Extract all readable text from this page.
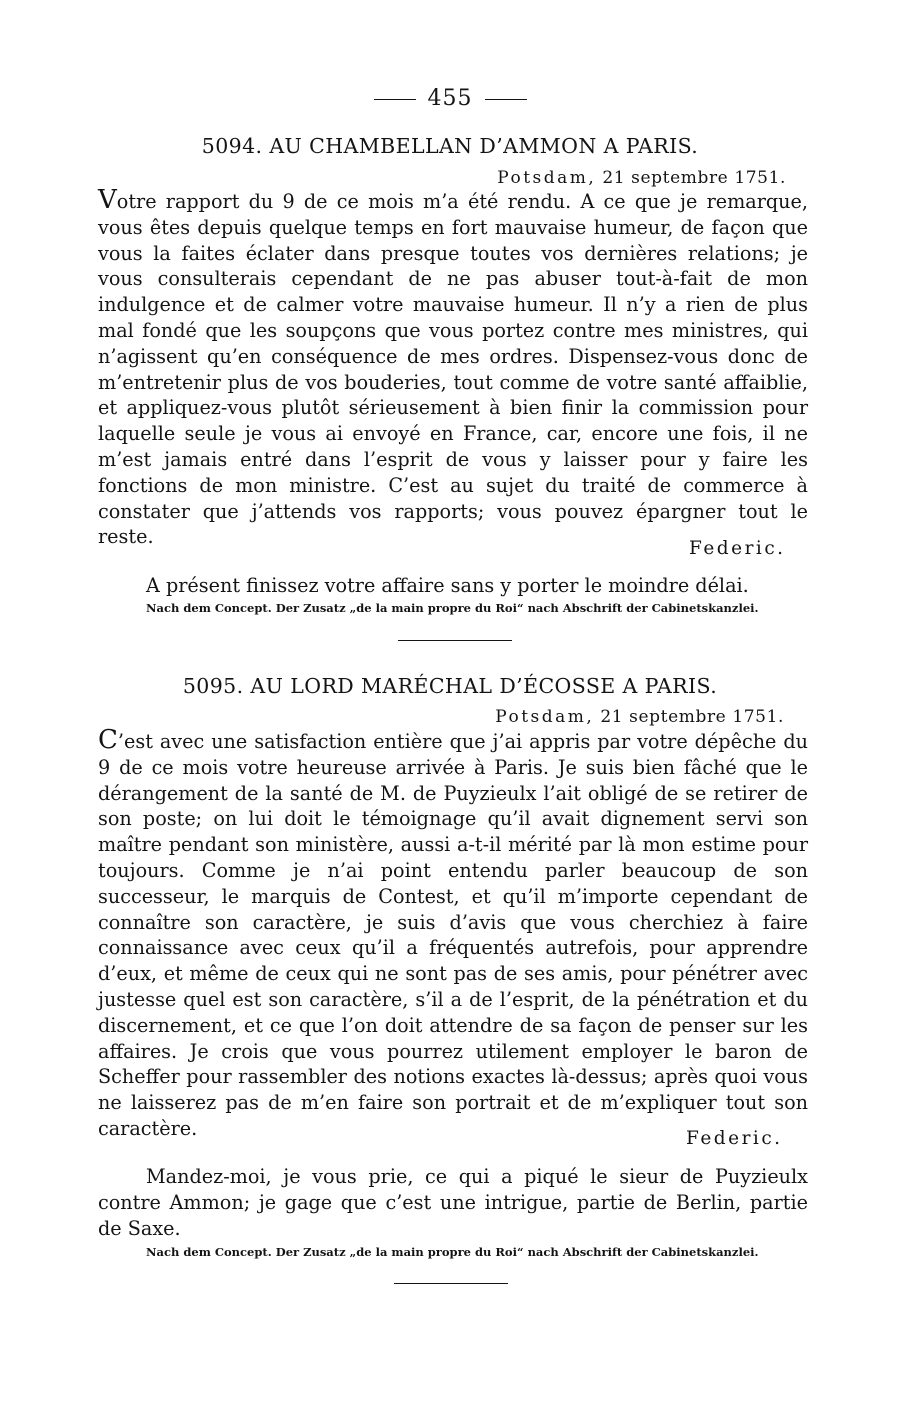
455
5094. AU CHAMBELLAN D’AMMON A PARIS.
Potsdam, 21 septembre 1751.

Votre rapport du 9 de ce mois m’a été rendu. A ce que je remarque, vous êtes depuis quelque temps en fort mauvaise humeur, de façon que vous la faites éclater dans presque toutes vos dernières relations; je vous consulterais cependant de ne pas abuser tout-à-fait de mon indulgence et de calmer votre mauvaise humeur. Il n’y a rien de plus mal fondé que les soupçons que vous portez contre mes ministres, qui n’agissent qu’en conséquence de mes ordres. Dispensez-vous donc de m’entretenir plus de vos bouderies, tout comme de votre santé affaiblie, et appliquez-vous plutôt sérieusement à bien finir la commission pour laquelle seule je vous ai envoyé en France, car, encore une fois, il ne m’est jamais entré dans l’esprit de vous y laisser pour y faire les fonctions de mon ministre. C’est au sujet du traité de commerce à constater que j’attends vos rapports; vous pouvez épargner tout le reste.

Federic.

A présent finissez votre affaire sans y porter le moindre délai.

Nach dem Concept. Der Zusatz „de la main propre du Roi“ nach Abschrift der Cabinetskanzlei.

5095. AU LORD MARÉCHAL D’ÉCOSSE A PARIS.
Potsdam, 21 septembre 1751.

C’est avec une satisfaction entière que j’ai appris par votre dépêche du 9 de ce mois votre heureuse arrivée à Paris. Je suis bien fâché que le dérangement de la santé de M. de Puyzieulx l’ait obligé de se retirer de son poste; on lui doit le témoignage qu’il avait dignement servi son maître pendant son ministère, aussi a-t-il mérité par là mon estime pour toujours. Comme je n’ai point entendu parler beaucoup de son successeur, le marquis de Contest, et qu’il m’importe cependant de connaître son caractère, je suis d’avis que vous cherchiez à faire connaissance avec ceux qu’il a fréquentés autrefois, pour apprendre d’eux, et même de ceux qui ne sont pas de ses amis, pour pénétrer avec justesse quel est son caractère, s’il a de l’esprit, de la pénétration et du discernement, et ce que l’on doit attendre de sa façon de penser sur les affaires. Je crois que vous pourrez utilement employer le baron de Scheffer pour rassembler des notions exactes là-dessus; après quoi vous ne laisserez pas de m’en faire son portrait et de m’expliquer tout son caractère.	Federic.

Mandez-moi, je vous prie, ce qui a piqué le sieur de Puyzieulx contre Ammon; je gage que c’est une intrigue, partie de Berlin, partie de Saxe.

Nach dem Concept. Der Zusatz „de la main propre du Roi“ nach Abschrift der Cabinetskanzlei.
